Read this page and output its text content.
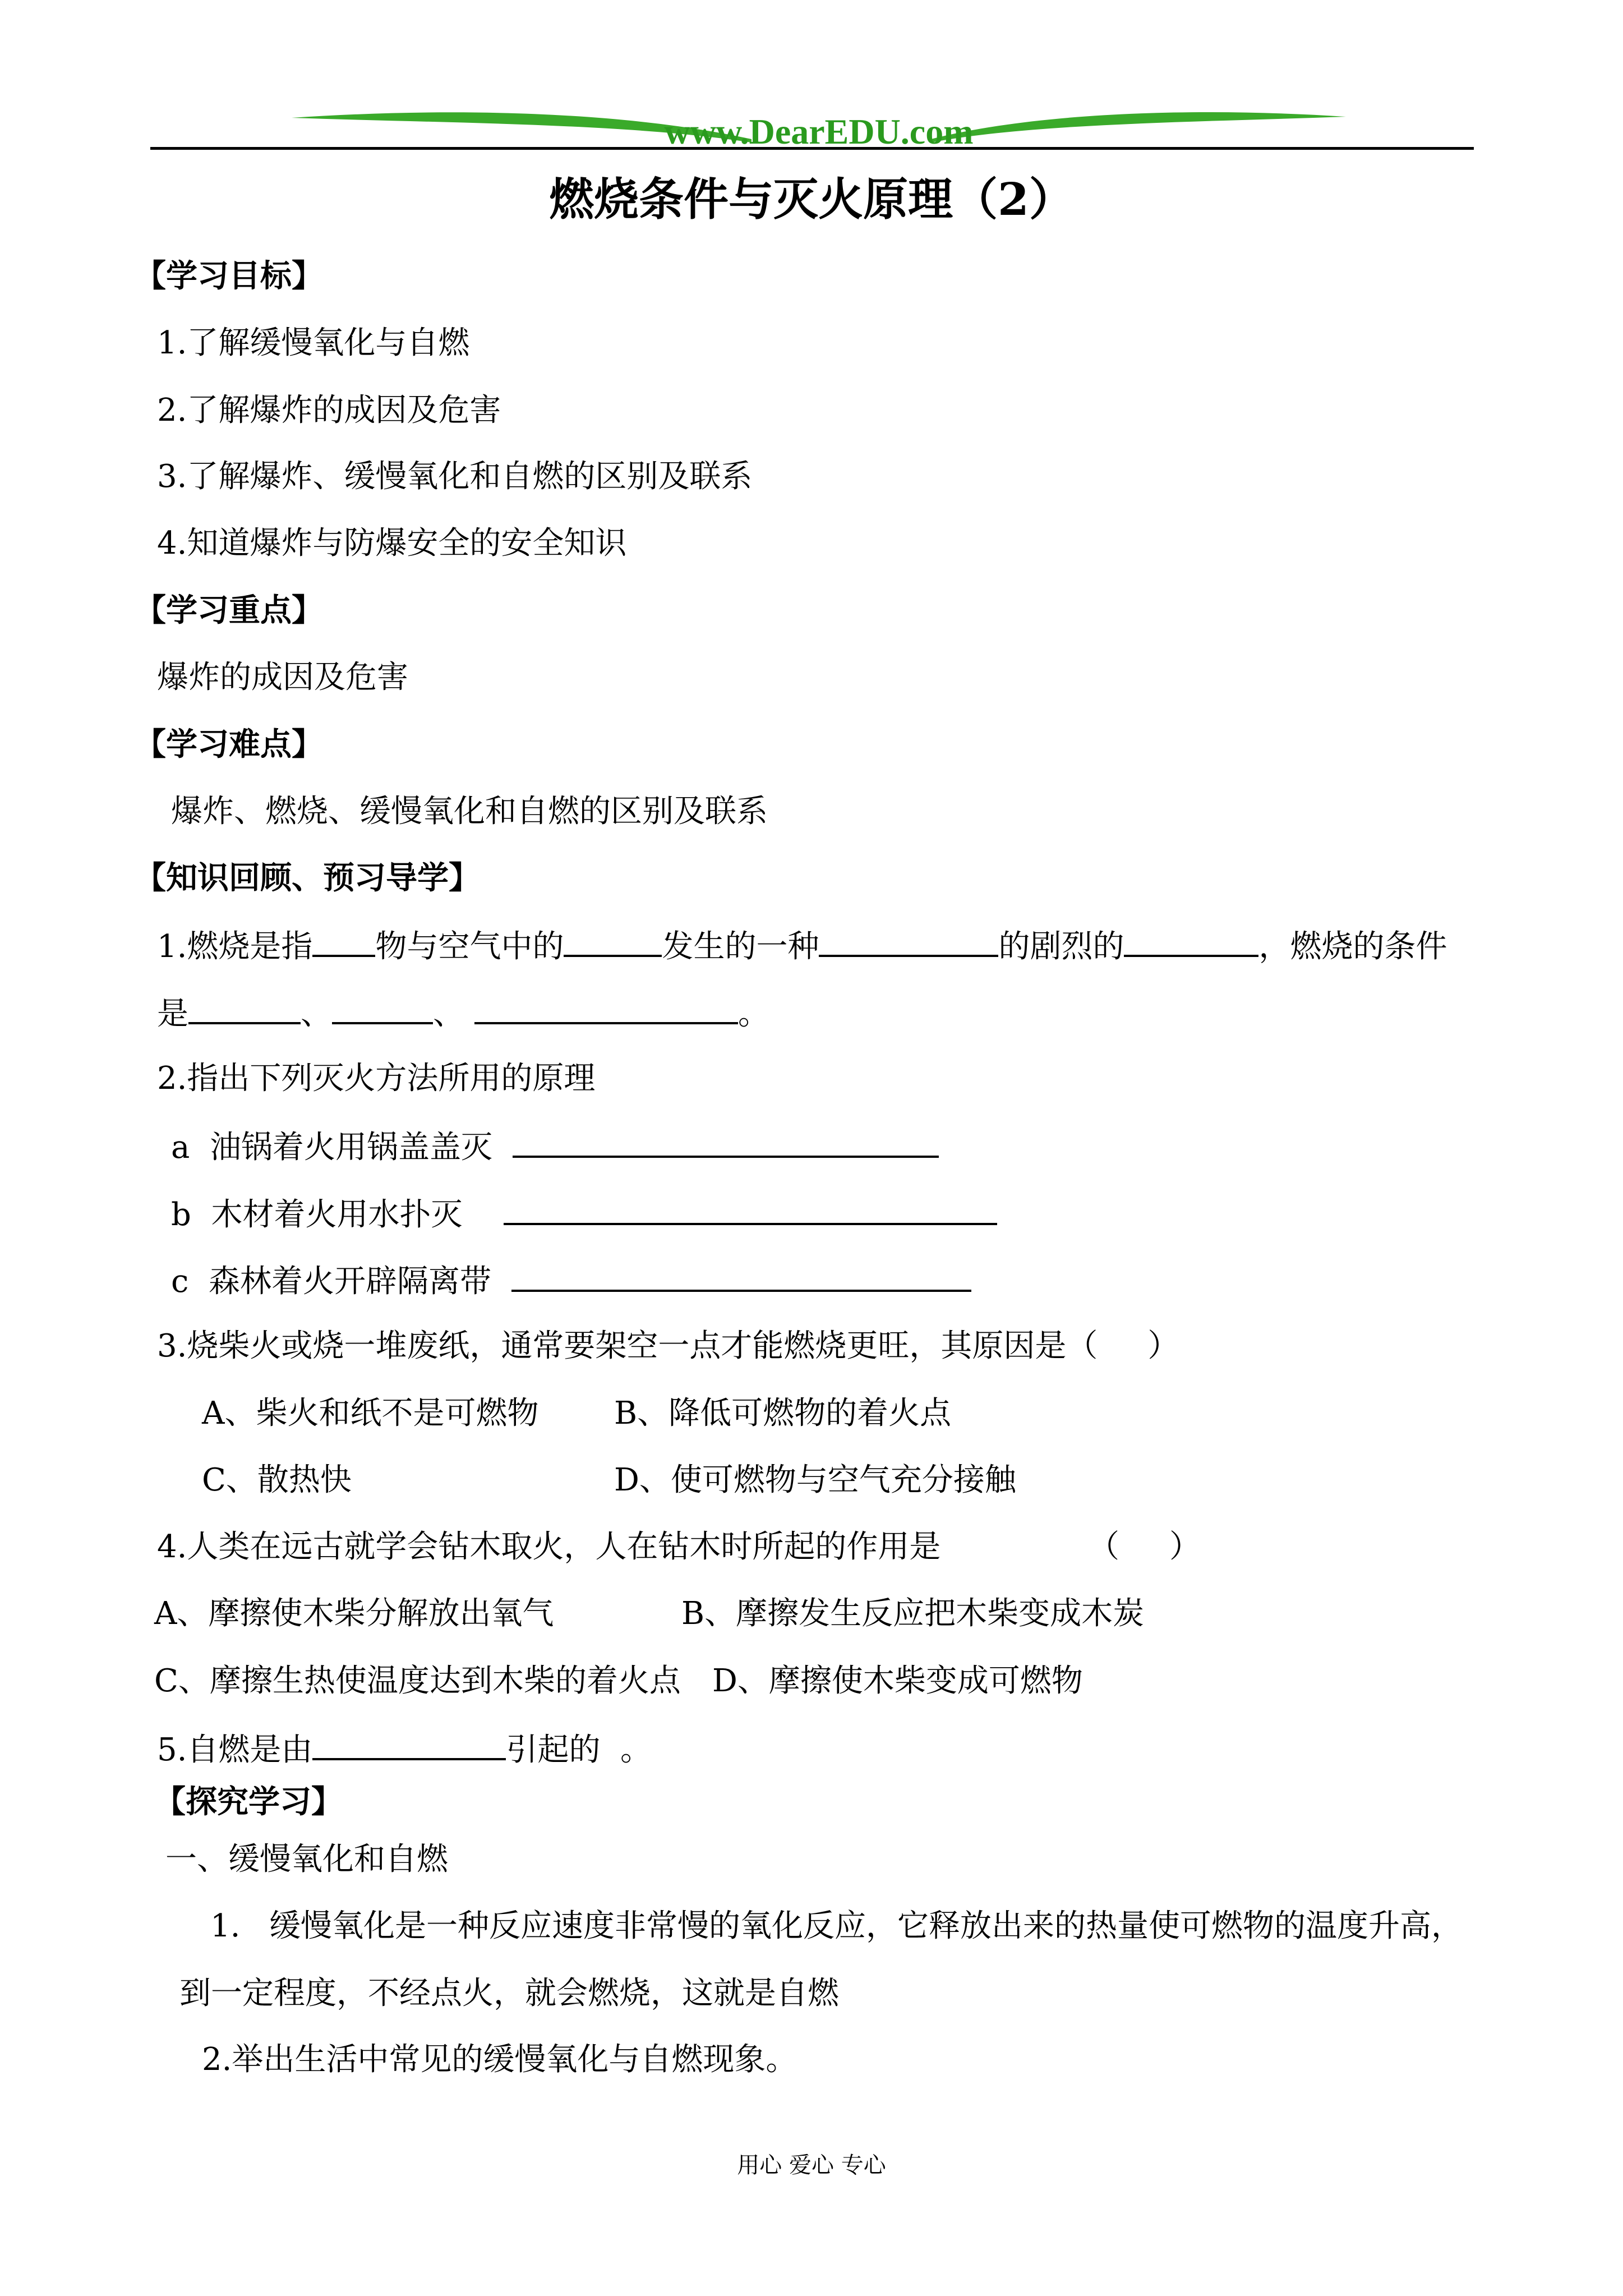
www.DearEDU.com
燃烧条件与灭火原理（2）
【学习目标】
1.了解缓慢氧化与自燃
2.了解爆炸的成因及危害
3.了解爆炸、缓慢氧化和自燃的区别及联系
4.知道爆炸与防爆安全的安全知识
【学习重点】
爆炸的成因及危害
【学习难点】
爆炸、燃烧、缓慢氧化和自燃的区别及联系
【知识回顾、预习导学】
1.燃烧是指 物与空气中的	发生的一种	的剧烈的	，燃烧的条件
是	、	、	。
2.指出下列灭火方法所用的原理
a  油锅着火用锅盖盖灭
b  木材着火用水扑灭
c  森林着火开辟隔离带
3.烧柴火或烧一堆废纸，通常要架空一点才能燃烧更旺，其原因是（     ）
A、柴火和纸不是可燃物 B、降低可燃物的着火点
C、散热快	D、使可燃物与空气充分接触
4.人类在远古就学会钻木取火，人在钻木时所起的作用是	（     ）
A、摩擦使木柴分解放出氧气	B、摩擦发生反应把木柴变成木炭
C、摩擦生热使温度达到木柴的着火点 D、摩擦使木柴变成可燃物
5.自燃是由	引起的  。
【探究学习】
一、缓慢氧化和自燃
1. 缓慢氧化是一种反应速度非常慢的氧化反应，它释放出来的热量使可燃物的温度升高，
到一定程度，不经点火，就会燃烧，这就是自燃
2.举出生活中常见的缓慢氧化与自燃现象。
用心 爱心 专心
